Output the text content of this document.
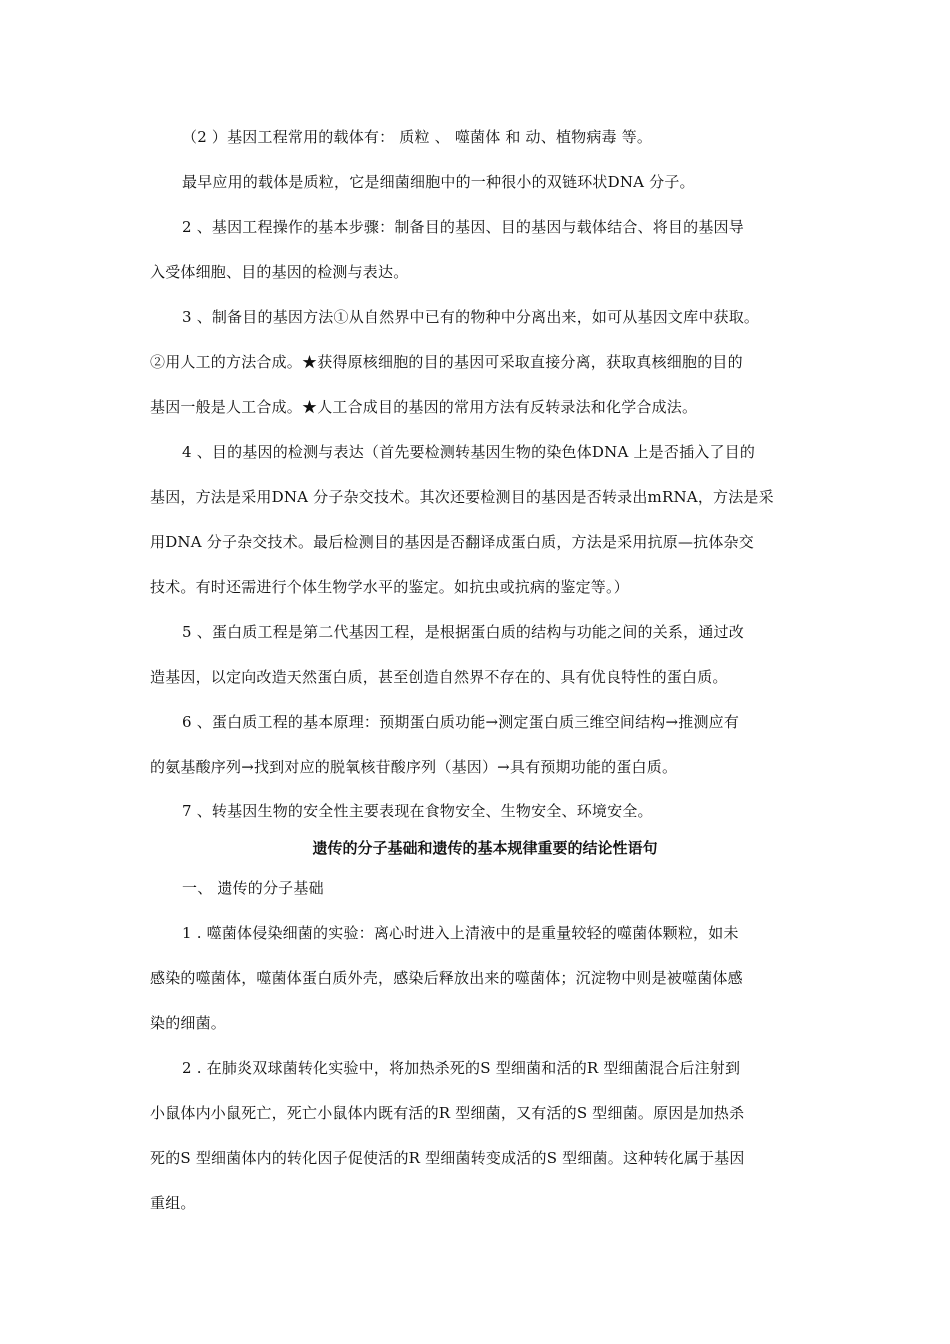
（2 ）基因工程常用的载体有： 质粒 、 噬菌体 和 动、植物病毒 等。
最早应用的载体是质粒，它是细菌细胞中的一种很小的双链环状DNA 分子。
2 、基因工程操作的基本步骤：制备目的基因、目的基因与载体结合、将目的基因导
入受体细胞、目的基因的检测与表达。
3 、制备目的基因方法①从自然界中已有的物种中分离出来，如可从基因文库中获取。
②用人工的方法合成。★获得原核细胞的目的基因可采取直接分离，获取真核细胞的目的
基因一般是人工合成。★人工合成目的基因的常用方法有反转录法和化学合成法。
4 、目的基因的检测与表达（首先要检测转基因生物的染色体DNA 上是否插入了目的
基因，方法是采用DNA 分子杂交技术。其次还要检测目的基因是否转录出mRNA，方法是采
用DNA 分子杂交技术。最后检测目的基因是否翻译成蛋白质，方法是采用抗原—抗体杂交
技术。有时还需进行个体生物学水平的鉴定。如抗虫或抗病的鉴定等。）
5 、蛋白质工程是第二代基因工程，是根据蛋白质的结构与功能之间的关系，通过改
造基因，以定向改造天然蛋白质，甚至创造自然界不存在的、具有优良特性的蛋白质。
6 、蛋白质工程的基本原理：预期蛋白质功能→测定蛋白质三维空间结构→推测应有
的氨基酸序列→找到对应的脱氧核苷酸序列（基因）→具有预期功能的蛋白质。
7 、转基因生物的安全性主要表现在食物安全、生物安全、环境安全。
遗传的分子基础和遗传的基本规律重要的结论性语句
一、 遗传的分子基础
1 . 噬菌体侵染细菌的实验：离心时进入上清液中的是重量较轻的噬菌体颗粒，如未
感染的噬菌体，噬菌体蛋白质外壳，感染后释放出来的噬菌体；沉淀物中则是被噬菌体感
染的细菌。
2 . 在肺炎双球菌转化实验中，将加热杀死的S 型细菌和活的R 型细菌混合后注射到
小鼠体内小鼠死亡，死亡小鼠体内既有活的R 型细菌，又有活的S 型细菌。原因是加热杀
死的S 型细菌体内的转化因子促使活的R 型细菌转变成活的S 型细菌。这种转化属于基因
重组。
